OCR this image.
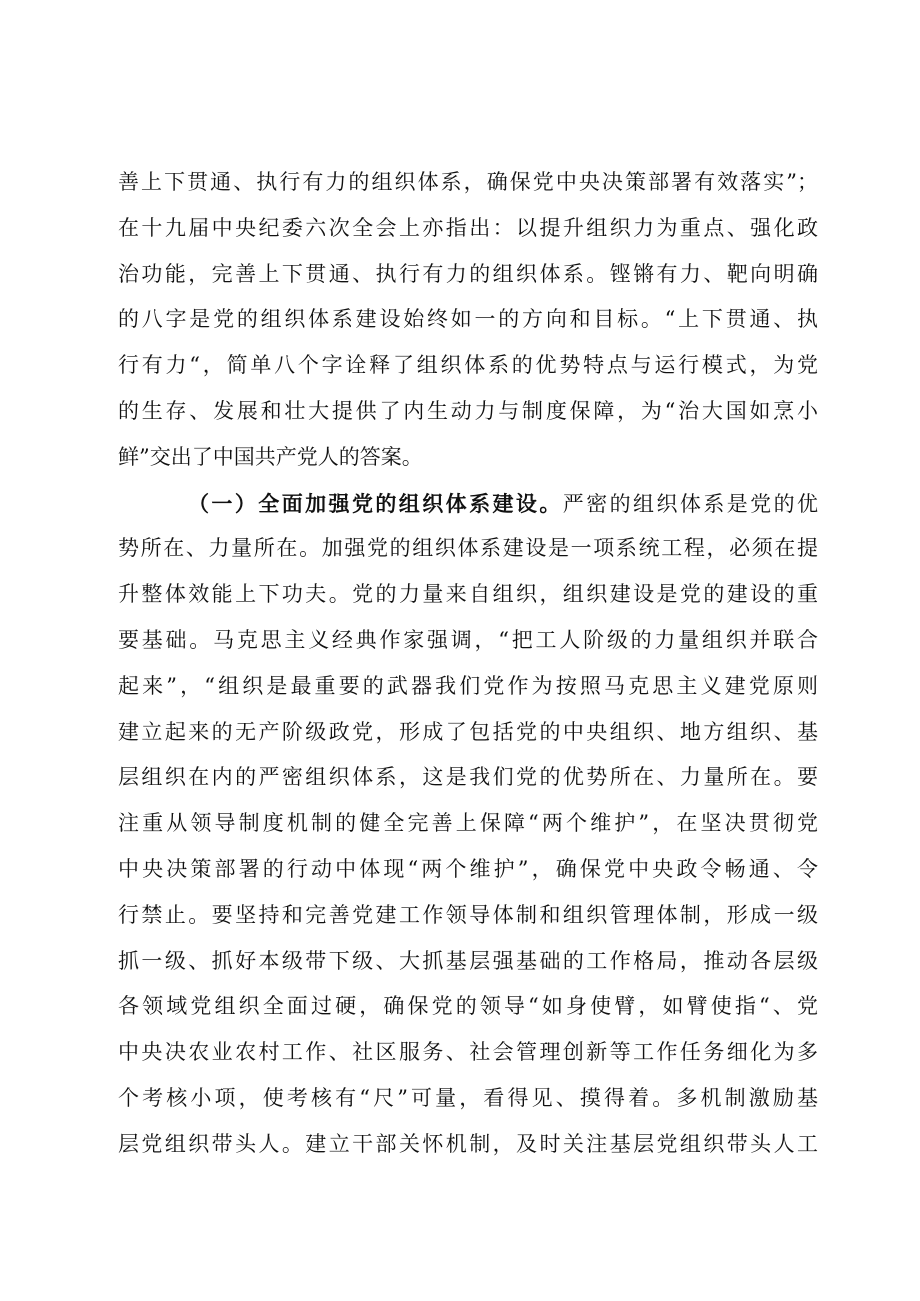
善上下贯通、执行有力的组织体系，确保党中央决策部署有效落实”；
在十九届中央纪委六次全会上亦指出：以提升组织力为重点、强化政
治功能，完善上下贯通、执行有力的组织体系。铿锵有力、靶向明确
的八字是党的组织体系建设始终如一的方向和目标。“上下贯通、执
行有力“，简单八个字诠释了组织体系的优势特点与运行模式，为党
的生存、发展和壮大提供了内生动力与制度保障，为“治大国如烹小
鲜”交出了中国共产党人的答案。
（一）全面加强党的组织体系建设。严密的组织体系是党的优
势所在、力量所在。加强党的组织体系建设是一项系统工程，必须在提
升整体效能上下功夫。党的力量来自组织，组织建设是党的建设的重
要基础。马克思主义经典作家强调，“把工人阶级的力量组织并联合
起来”，“组织是最重要的武器我们党作为按照马克思主义建党原则
建立起来的无产阶级政党，形成了包括党的中央组织、地方组织、基
层组织在内的严密组织体系，这是我们党的优势所在、力量所在。要
注重从领导制度机制的健全完善上保障“两个维护”，在坚决贯彻党
中央决策部署的行动中体现“两个维护”，确保党中央政令畅通、令
行禁止。要坚持和完善党建工作领导体制和组织管理体制，形成一级
抓一级、抓好本级带下级、大抓基层强基础的工作格局，推动各层级
各领域党组织全面过硬，确保党的领导“如身使臂，如臂使指“、党
中央决农业农村工作、社区服务、社会管理创新等工作任务细化为多
个考核小项，使考核有“尺”可量，看得见、摸得着。多机制激励基
层党组织带头人。建立干部关怀机制，及时关注基层党组织带头人工
